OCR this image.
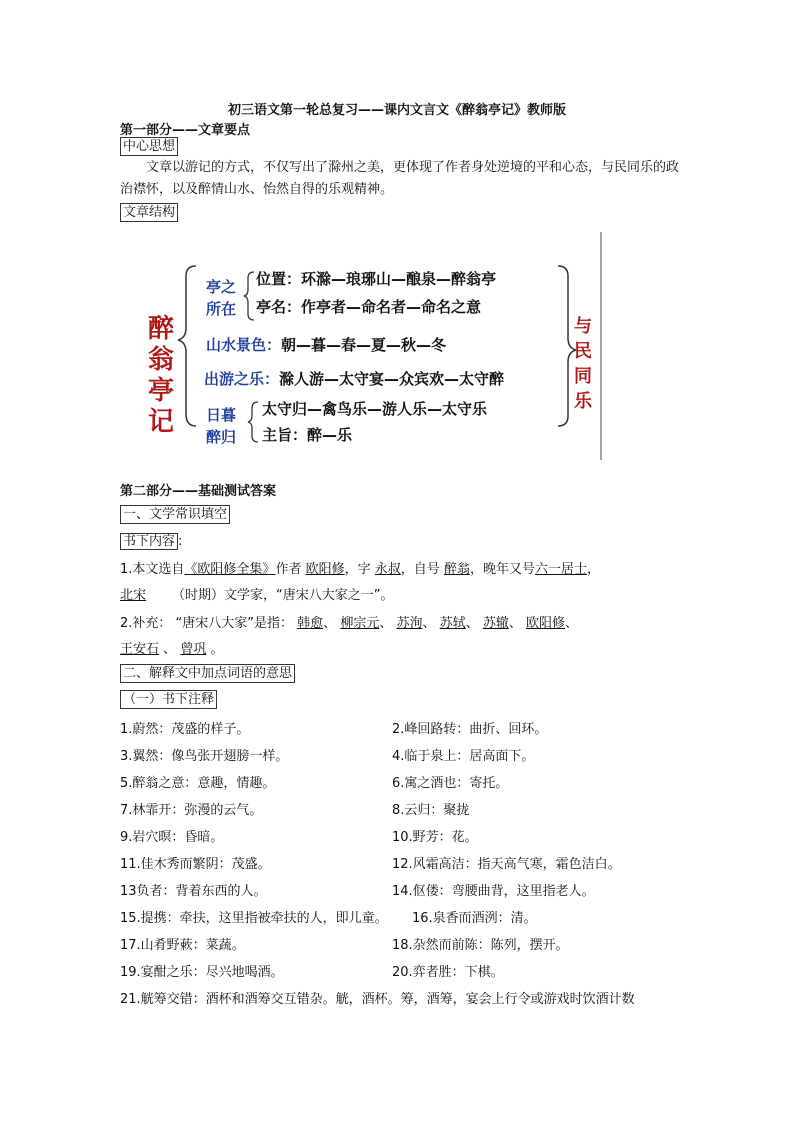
初三语文第一轮总复习——课内文言文《醉翁亭记》教师版
第一部分——文章要点
中心思想
文章以游记的方式，不仅写出了滁州之美，更体现了作者身处逆境的平和心态，与民同乐的政治襟怀，以及醉情山水、怡然自得的乐观精神。
文章结构
醉
翁
亭
记
亭之
所在
位置：环滁—琅琊山—酿泉—醉翁亭
亭名：作亭者—命名者—命名之意
山水景色：朝—暮—春—夏—秋—冬
出游之乐：滁人游—太守宴—众宾欢—太守醉
日暮
醉归
太守归—禽鸟乐—游人乐—太守乐
主旨：醉—乐
与
民
同
乐
第二部分——基础测试答案
一、文学常识填空
书下内容 :
1.本文选自《欧阳修全集》作者 欧阳修，字 永叔，自号 醉翁，晚年又号六一居士，
北宋 （时期）文学家，“唐宋八大家之一”。
2.补充： “唐宋八大家”是指： 韩愈、 柳宗元、 苏洵、 苏轼、 苏辙、 欧阳修、
王安石 、 曾巩 。
二、解释文中加点词语的意思
（一）书下注释
1.蔚然：茂盛的样子。	2.峰回路转：曲折、回环。
3.翼然：像鸟张开翅膀一样。	4.临于泉上：居高面下。
5.醉翁之意：意趣，情趣。	6.寓之酒也：寄托。
7.林霏开：弥漫的云气。	8.云归：聚拢
9.岩穴暝：昏暗。	10.野芳：花。
11.佳木秀而繁阴：茂盛。	12.风霜高洁：指天高气寒，霜色洁白。
13负者：背着东西的人。	14.伛偻：弯腰曲背，这里指老人。
15.提携：牵扶，这里指被牵扶的人，即儿童。 16.泉香而酒洌：清。
17.山肴野蔌：菜蔬。	18.杂然而前陈：陈列，摆开。
19.宴酣之乐：尽兴地喝酒。	20.弈者胜：下棋。
21.觥筹交错：酒杯和酒筹交互错杂。觥，酒杯。筹，酒筹，宴会上行令或游戏时饮酒计数
